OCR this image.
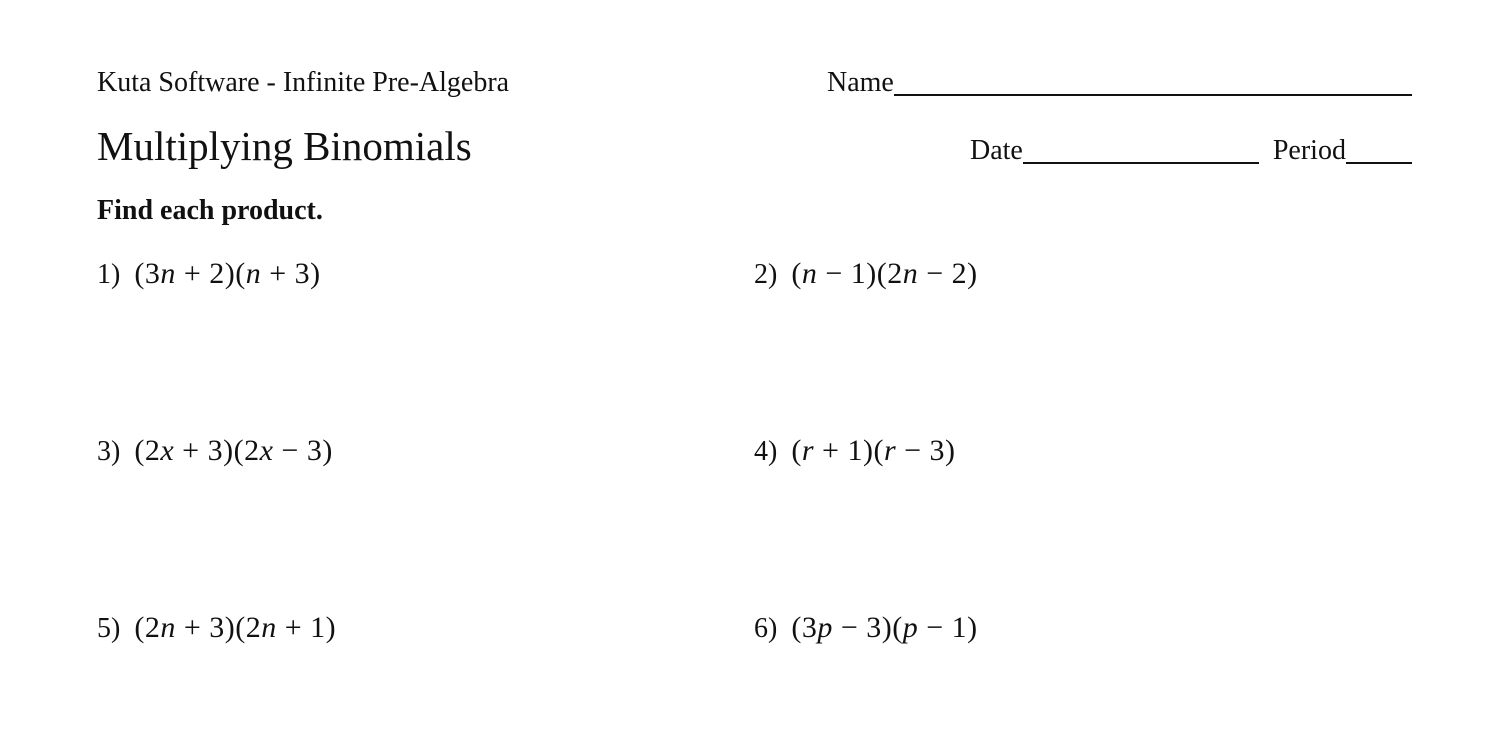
Kuta Software - Infinite Pre-Algebra
Multiplying Binomials
Find each product.
Name
Date	Period
1) (3n + 2)(n + 3)	2) (n − 1)(2n − 2)
3) (2x + 3)(2x − 3)	4) (r + 1)(r − 3)
5) (2n + 3)(2n + 1)	6) (3p − 3)(p − 1)
